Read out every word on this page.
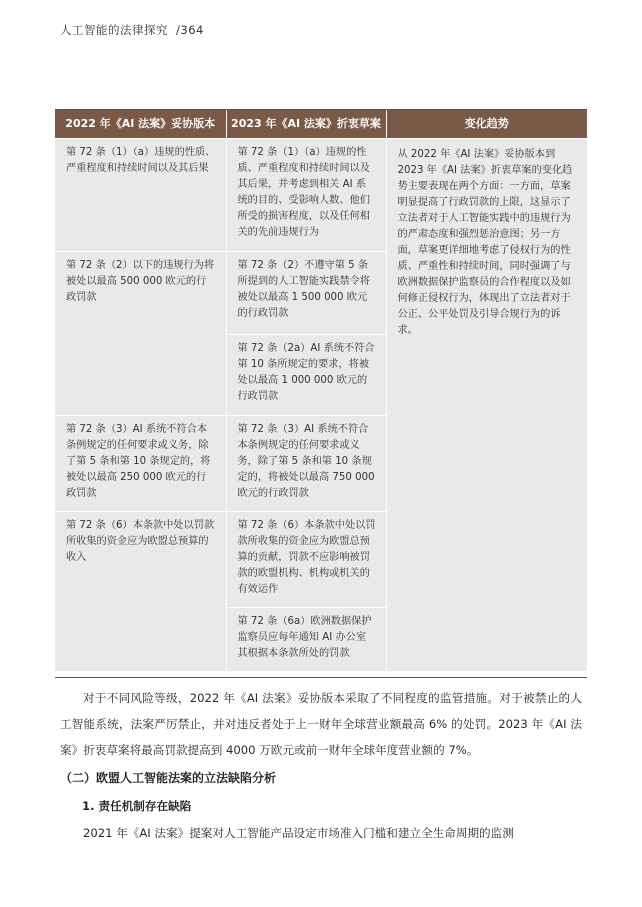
人工智能的法律探究 /364
2022 年《AI 法案》妥协版本	2023 年《AI 法案》折衷草案	变化趋势
第 72 条（1）（a）违规的性质、严重程度和持续时间以及其后果	第 72 条（1）（a）违规的性质、严重程度和持续时间以及其后果，并考虑到相关 AI 系统的目的、受影响人数、他们所受的损害程度，以及任何相关的先前违规行为	从 2022 年《AI 法案》妥协版本到 2023 年《AI 法案》折衷草案的变化趋势主要表现在两个方面：一方面，草案明显提高了行政罚款的上限，这显示了立法者对于人工智能实践中的违规行为的严肃态度和强烈惩治意图；另一方面，草案更详细地考虑了侵权行为的性质、严重性和持续时间，同时强调了与欧洲数据保护监察员的合作程度以及如何修正侵权行为，体现出了立法者对于公正、公平处罚及引导合规行为的诉求。
第 72 条（2）以下的违规行为将被处以最高 500 000 欧元的行政罚款	第 72 条（2）不遵守第 5 条所提到的人工智能实践禁令将被处以最高 1 500 000 欧元的行政罚款	
	第 72 条（2a）AI 系统不符合第 10 条所规定的要求，将被处以最高 1 000 000 欧元的行政罚款	
第 72 条（3）AI 系统不符合本条例规定的任何要求或义务，除了第 5 条和第 10 条规定的，将被处以最高 250 000 欧元的行政罚款	第 72 条（3）AI 系统不符合本条例规定的任何要求或义务，除了第 5 条和第 10 条规定的，将被处以最高 750 000 欧元的行政罚款	
第 72 条（6）本条款中处以罚款所收集的资金应为欧盟总预算的收入	第 72 条（6）本条款中处以罚款所收集的资金应为欧盟总预算的贡献，罚款不应影响被罚款的欧盟机构、机构或机关的有效运作	
	第 72 条（6a）欧洲数据保护监察员应每年通知 AI 办公室其根据本条款所处的罚款	

对于不同风险等级，2022 年《AI 法案》妥协版本采取了不同程度的监管措施。对于被禁止的人工智能系统，法案严厉禁止，并对违反者处于上一财年全球营业额最高 6% 的处罚。2023 年《AI 法案》折衷草案将最高罚款提高到 4000 万欧元或前一财年全球年度营业额的 7%。

（二）欧盟人工智能法案的立法缺陷分析
1. 责任机制存在缺陷

2021 年《AI 法案》提案对人工智能产品设定市场准入门槛和建立全生命周期的监测
